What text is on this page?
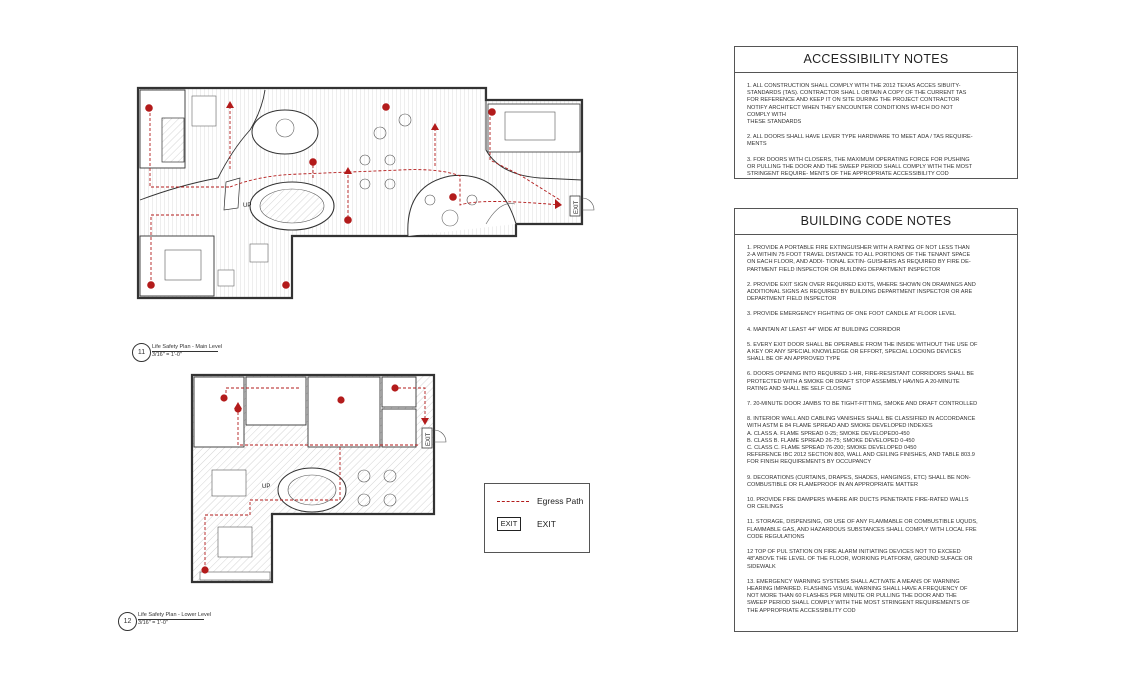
UP	EXIT
UP
EXIT
11
Life Safety Plan - Main Level
3/16" = 1'-0"
12
Life Safety Plan - Lower Level
3/16" = 1'-0"
Egress Path
EXIT	EXIT
ACCESSIBILITY NOTES
1. ALL CONSTRUCTION SHALL COMPLY WITH THE 2012 TEXAS ACCES SIBUITY-
STANDARDS (TAS). CONTRACTOR SHAL L OBTAIN A COPY OF THE CURRENT TAS
FOR REFERENCE AND KEEP IT ON SITE DURING THE PROJECT CONTRACTOR
NOTIFY ARCHITECT WHEN THEY ENCOUNTER CONDITIONS WHICH DO NOT
COMPLY WITH
THESE STANDARDS
2. ALL DOORS SHALL HAVE LEVER TYPE HARDWARE TO MEET ADA / TAS REQUIRE-
MENTS
3. FOR DOORS WITH CLOSERS, THE MAXIMUM OPERATING FORCE FOR PUSHING
OR PULLING THE DOOR AND THE SWEEP PERIOD SHALL COMPLY WITH THE MOST
STRINGENT REQUIRE- MENTS OF THE APPROPRIATE ACCESSIBILITY COD
BUILDING CODE NOTES
1. PROVIDE A PORTABLE FIRE EXTINGUISHER WITH A RATING OF NOT LESS THAN
2-A WITHIN 75 FOOT TRAVEL DISTANCE TO ALL PORTIONS OF THE TENANT SPACE
ON EACH FLOOR, AND ADDI- TIONAL EXTIN- GUISHERS AS REQUIRED BY FIRE DE-
PARTMENT FIELD INSPECTOR OR BUILDING DEPARTMENT INSPECTOR
2. PROVIDE EXIT SIGN OVER REQUIRED EXITS, WHERE SHOWN ON DRAWINGS AND
ADDITIONAL SIGNS AS REQUIRED BY BUILDING DEPARTMENT INSPECTOR OR ARE
DEPARTMENT FIELD INSPECTOR
3. PROVIDE EMERGENCY FIGHTING OF ONE FOOT CANDLE AT FLOOR LEVEL
4. MAINTAIN AT LEAST 44" WIDE AT BUILDING CORRIDOR
5. EVERY EXIT DOOR SHALL BE OPERABLE FROM THE INSIDE WITHOUT THE USE OF
A KEY OR ANY SPECIAL KNOWLEDGE OR EFFORT, SPECIAL LOCKING DEVICES
SHALL BE OF AN APPROVED TYPE
6. DOORS OPENING INTO REQUIRED 1-HR, FIRE-RESISTANT CORRIDORS SHALL BE
PROTECTED WITH A SMOKE OR DRAFT STOP ASSEMBLY HAVING A 20-MINUTE
RATING AND SHALL BE SELF CLOSING
7. 20-MINUTE DOOR JAMBS TO BE TIGHT-FITTING, SMOKE AND DRAFT CONTROLLED
8. INTERIOR WALL AND CABLING VANISHES SHALL BE CLASSIFIED IN ACCORDANCE
WITH ASTM E 84 FLAME SPREAD AND SMOKE DEVELOPED INDEXES
A. CLASS A. FLAME SPREAD 0-25; SMOKE DEVELOPED0-450
B. CLASS B. FLAME SPREAD 26-75; SMOKE DEVELOPED 0-450
C. CLASS C. FLAME SPREAD 76-200; SMOKE DEVELOPED 0450
REFERENCE IBC 2012 SECTION 803, WALL AND CEILING FINISHES, AND TABLE 803.9
FOR FINISH REQUIREMENTS BY OCCUPANCY
9. DECORATIONS (CURTAINS, DRAPES, SHADES, HANGINGS, ETC) SHALL BE NON-
COMBUSTIBLE OR FLAMEPROOF IN AN APPROPRIATE MATTER
10. PROVIDE FIRE DAMPERS WHERE AIR DUCTS PENETRATE FIRE-RATED WALLS
OR CEILINGS
11. STORAGE, DISPENSING, OR USE OF ANY FLAMMABLE OR COMBUSTIBLE UQUDS,
FLAMMABLE GAS, AND HAZARDOUS SUBSTANCES SHALL COMPLY WITH LOCAL FRE
CODE REGULATIONS
12 TOP OF PUL STATION ON FIRE ALARM INITIATING DEVICES NOT TO EXCEED
48"ABOVE THE LEVEL OF THE FLOOR, WORKING PLATFORM, GROUND SUFACE OR
SIDEWALK
13. EMERGENCY WARNING SYSTEMS SHALL ACTIVATE A MEANS OF WARNING
HEARING IMPAIRED. FLASHING VISUAL WARNING SHALL HAVE A FREQUENCY OF
NOT MORE THAN 60 FLASHES PER MINUTE OR PULLING THE DOOR AND THE
SWEEP PERIOD SHALL COMPLY WITH THE MOST STRINGENT REQUIREMENTS OF
THE APPROPRIATE ACCESSIBILITY COD
